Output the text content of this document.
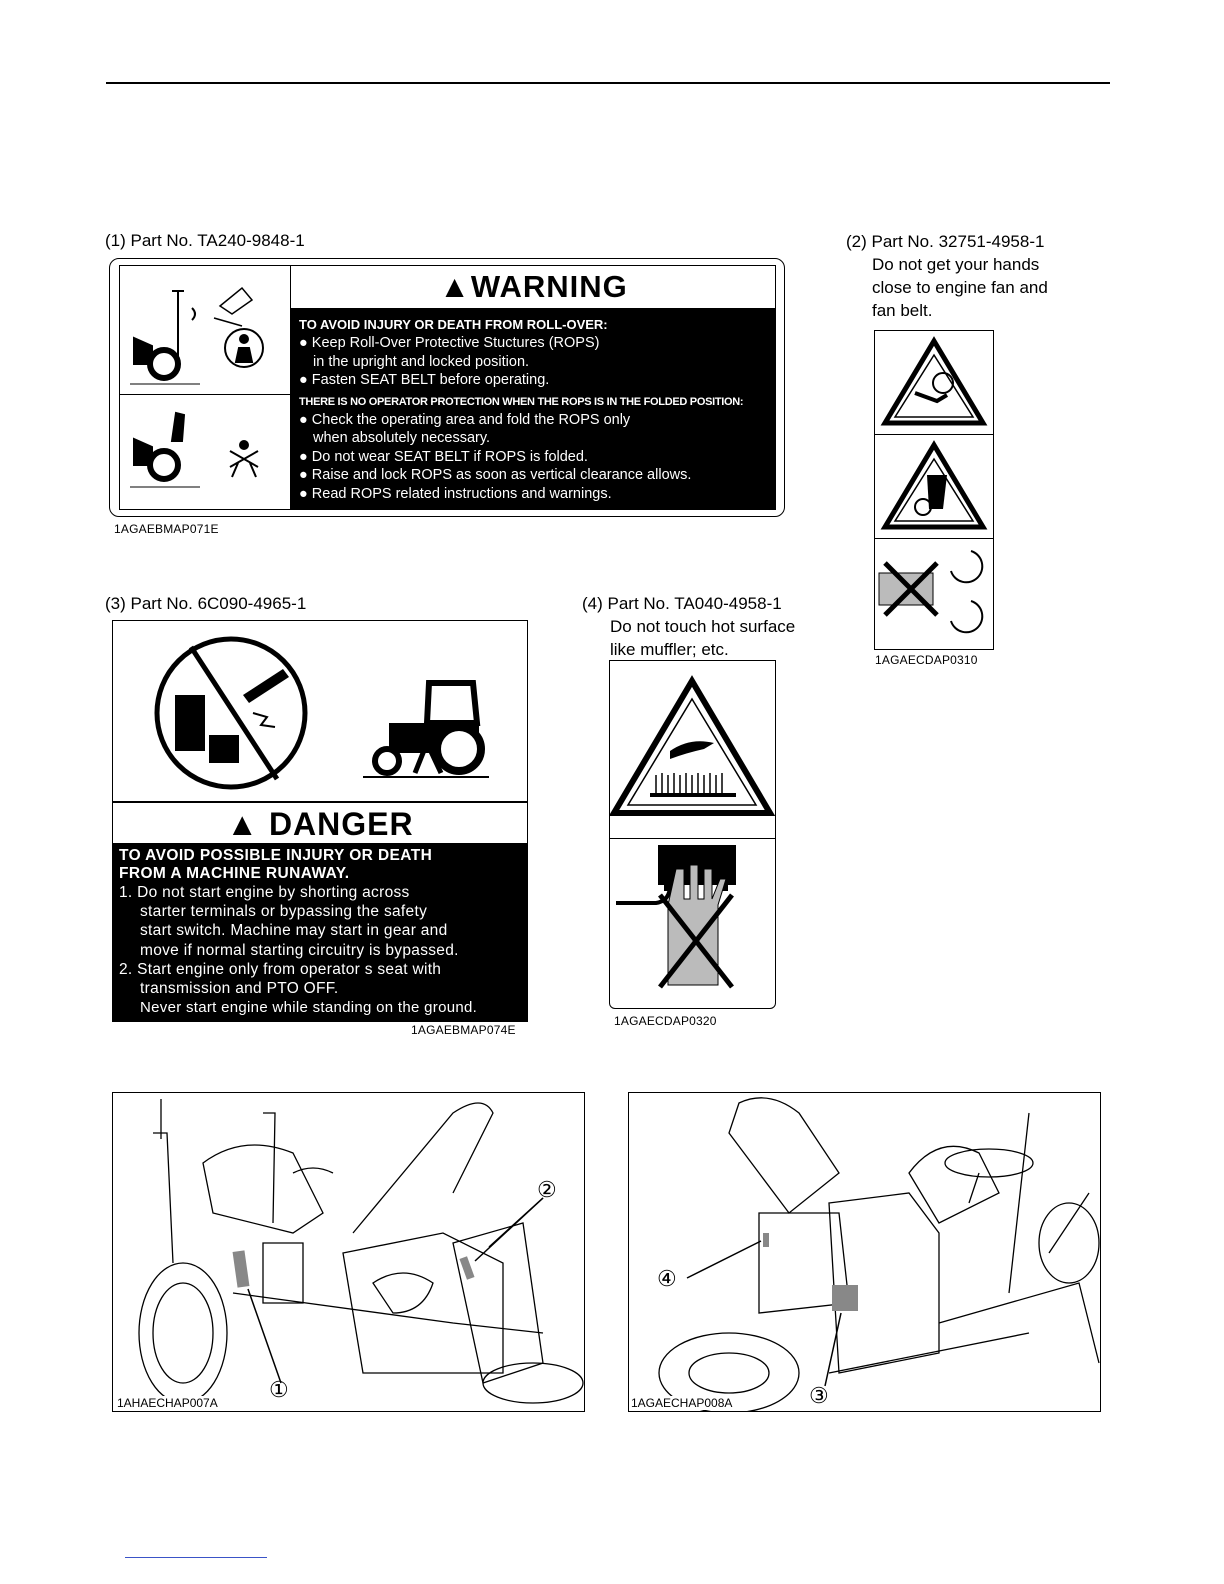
(1) Part No. TA240-9848-1
▲WARNING
TO AVOID INJURY OR DEATH FROM ROLL-OVER:
● Keep Roll-Over Protective Stuctures (ROPS)
in the upright and locked position.
● Fasten SEAT BELT before operating.
THERE IS NO OPERATOR PROTECTION WHEN THE ROPS IS IN THE FOLDED POSITION:
● Check the operating area and fold the ROPS only
when absolutely necessary.
● Do not wear SEAT BELT if ROPS is folded.
● Raise and lock ROPS as soon as vertical clearance allows.
● Read ROPS related instructions and warnings.
1AGAEBMAP071E
(2) Part No. 32751-4958-1
Do not get your hands
close to engine fan and
fan belt.
1AGAECDAP0310
(3) Part No. 6C090-4965-1
▲ DANGER
TO AVOID POSSIBLE INJURY OR DEATH
FROM A MACHINE RUNAWAY.
1. Do not start engine by shorting across
starter terminals or bypassing the safety
start switch. Machine may start in gear and
move if normal starting circuitry is bypassed.
2. Start engine only from operator s seat with
transmission and PTO OFF.
Never start engine while standing on the ground.
1AGAEBMAP074E
(4) Part No. TA040-4958-1
Do not touch hot surface
like muffler; etc.
1AGAECDAP0320
①
②
1AHAECHAP007A
④
③
1AGAECHAP008A
